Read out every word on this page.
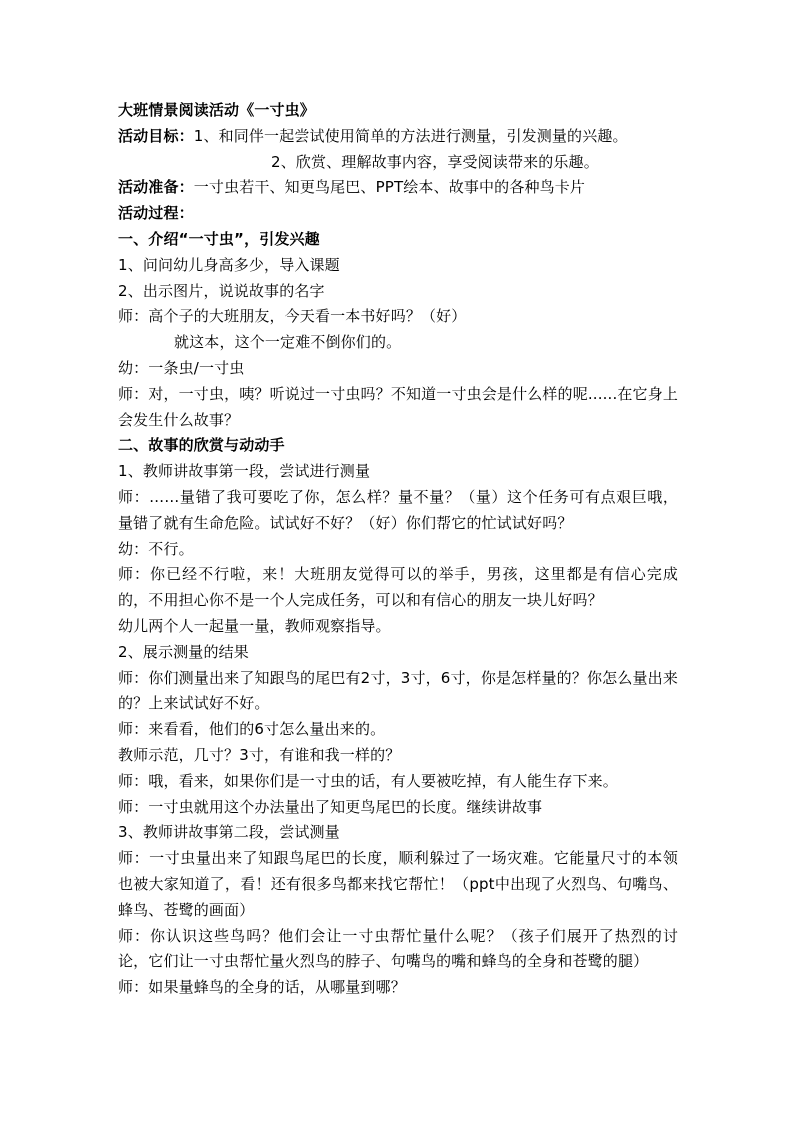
大班情景阅读活动《一寸虫》
活动目标：1、和同伴一起尝试使用简单的方法进行测量，引发测量的兴趣。
2、欣赏、理解故事内容，享受阅读带来的乐趣。
活动准备：一寸虫若干、知更鸟尾巴、PPT绘本、故事中的各种鸟卡片
活动过程：
一、介绍“一寸虫”，引发兴趣
1、问问幼儿身高多少，导入课题
2、出示图片，说说故事的名字
师：高个子的大班朋友，今天看一本书好吗？（好）
就这本，这个一定难不倒你们的。
幼：一条虫/一寸虫
师：对，一寸虫，咦？听说过一寸虫吗？不知道一寸虫会是什么样的呢......在它身上会发生什么故事？
二、故事的欣赏与动动手
1、教师讲故事第一段，尝试进行测量
师：……量错了我可要吃了你，怎么样？量不量？（量）这个任务可有点艰巨哦，量错了就有生命危险。试试好不好？（好）你们帮它的忙试试好吗？
幼：不行。
师：你已经不行啦，来！大班朋友觉得可以的举手，男孩，这里都是有信心完成的，不用担心你不是一个人完成任务，可以和有信心的朋友一块儿好吗？
幼儿两个人一起量一量，教师观察指导。
2、展示测量的结果
师：你们测量出来了知跟鸟的尾巴有2寸，3寸，6寸，你是怎样量的？你怎么量出来的？上来试试好不好。
师：来看看，他们的6寸怎么量出来的。
教师示范，几寸？3寸，有谁和我一样的？
师：哦，看来，如果你们是一寸虫的话，有人要被吃掉，有人能生存下来。
师：一寸虫就用这个办法量出了知更鸟尾巴的长度。继续讲故事
3、教师讲故事第二段，尝试测量
师：一寸虫量出来了知跟鸟尾巴的长度，顺利躲过了一场灾难。它能量尺寸的本领也被大家知道了，看！还有很多鸟都来找它帮忙！（ppt中出现了火烈鸟、句嘴鸟、蜂鸟、苍鹭的画面）
师：你认识这些鸟吗？他们会让一寸虫帮忙量什么呢？（孩子们展开了热烈的讨论，它们让一寸虫帮忙量火烈鸟的脖子、句嘴鸟的嘴和蜂鸟的全身和苍鹭的腿）
师：如果量蜂鸟的全身的话，从哪量到哪？
